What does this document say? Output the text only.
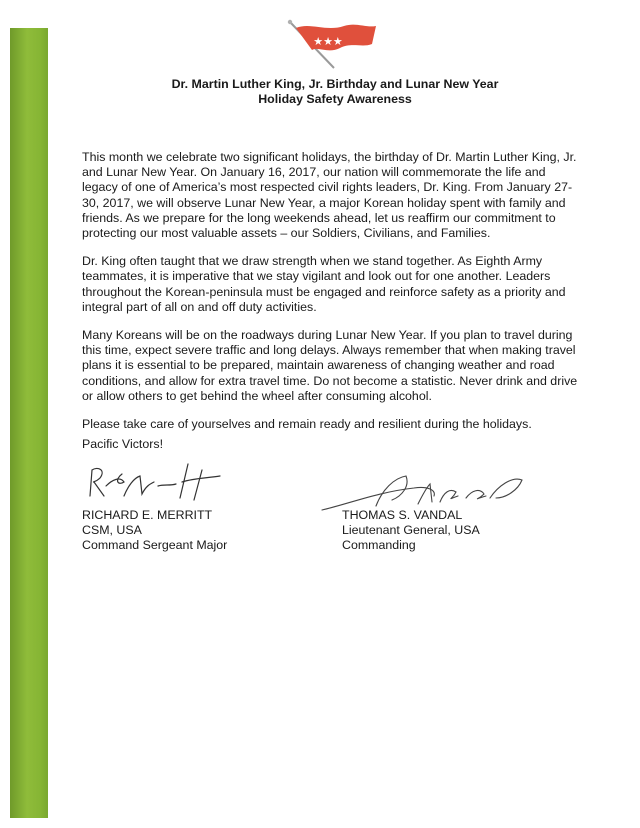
★★★
Dr. Martin Luther King, Jr. Birthday and Lunar New Year
Holiday Safety Awareness

This month we celebrate two significant holidays, the birthday of Dr. Martin Luther King, Jr. and Lunar New Year. On January 16, 2017, our nation will commemorate the life and legacy of one of America’s most respected civil rights leaders, Dr. King. From January 27-30, 2017, we will observe Lunar New Year, a major Korean holiday spent with family and friends. As we prepare for the long weekends ahead, let us reaffirm our commitment to protecting our most valuable assets – our Soldiers, Civilians, and Families.

Dr. King often taught that we draw strength when we stand together. As Eighth Army teammates, it is imperative that we stay vigilant and look out for one another. Leaders throughout the Korean-peninsula must be engaged and reinforce safety as a priority and integral part of all on and off duty activities.

Many Koreans will be on the roadways during Lunar New Year. If you plan to travel during this time, expect severe traffic and long delays. Always remember that when making travel plans it is essential to be prepared, maintain awareness of changing weather and road conditions, and allow for extra travel time. Do not become a statistic. Never drink and drive or allow others to get behind the wheel after consuming alcohol.

Please take care of yourselves and remain ready and resilient during the holidays.

Pacific Victors!
RICHARD E. MERRITT
CSM, USA
Command Sergeant Major
THOMAS S. VANDAL
Lieutenant General, USA
Commanding
